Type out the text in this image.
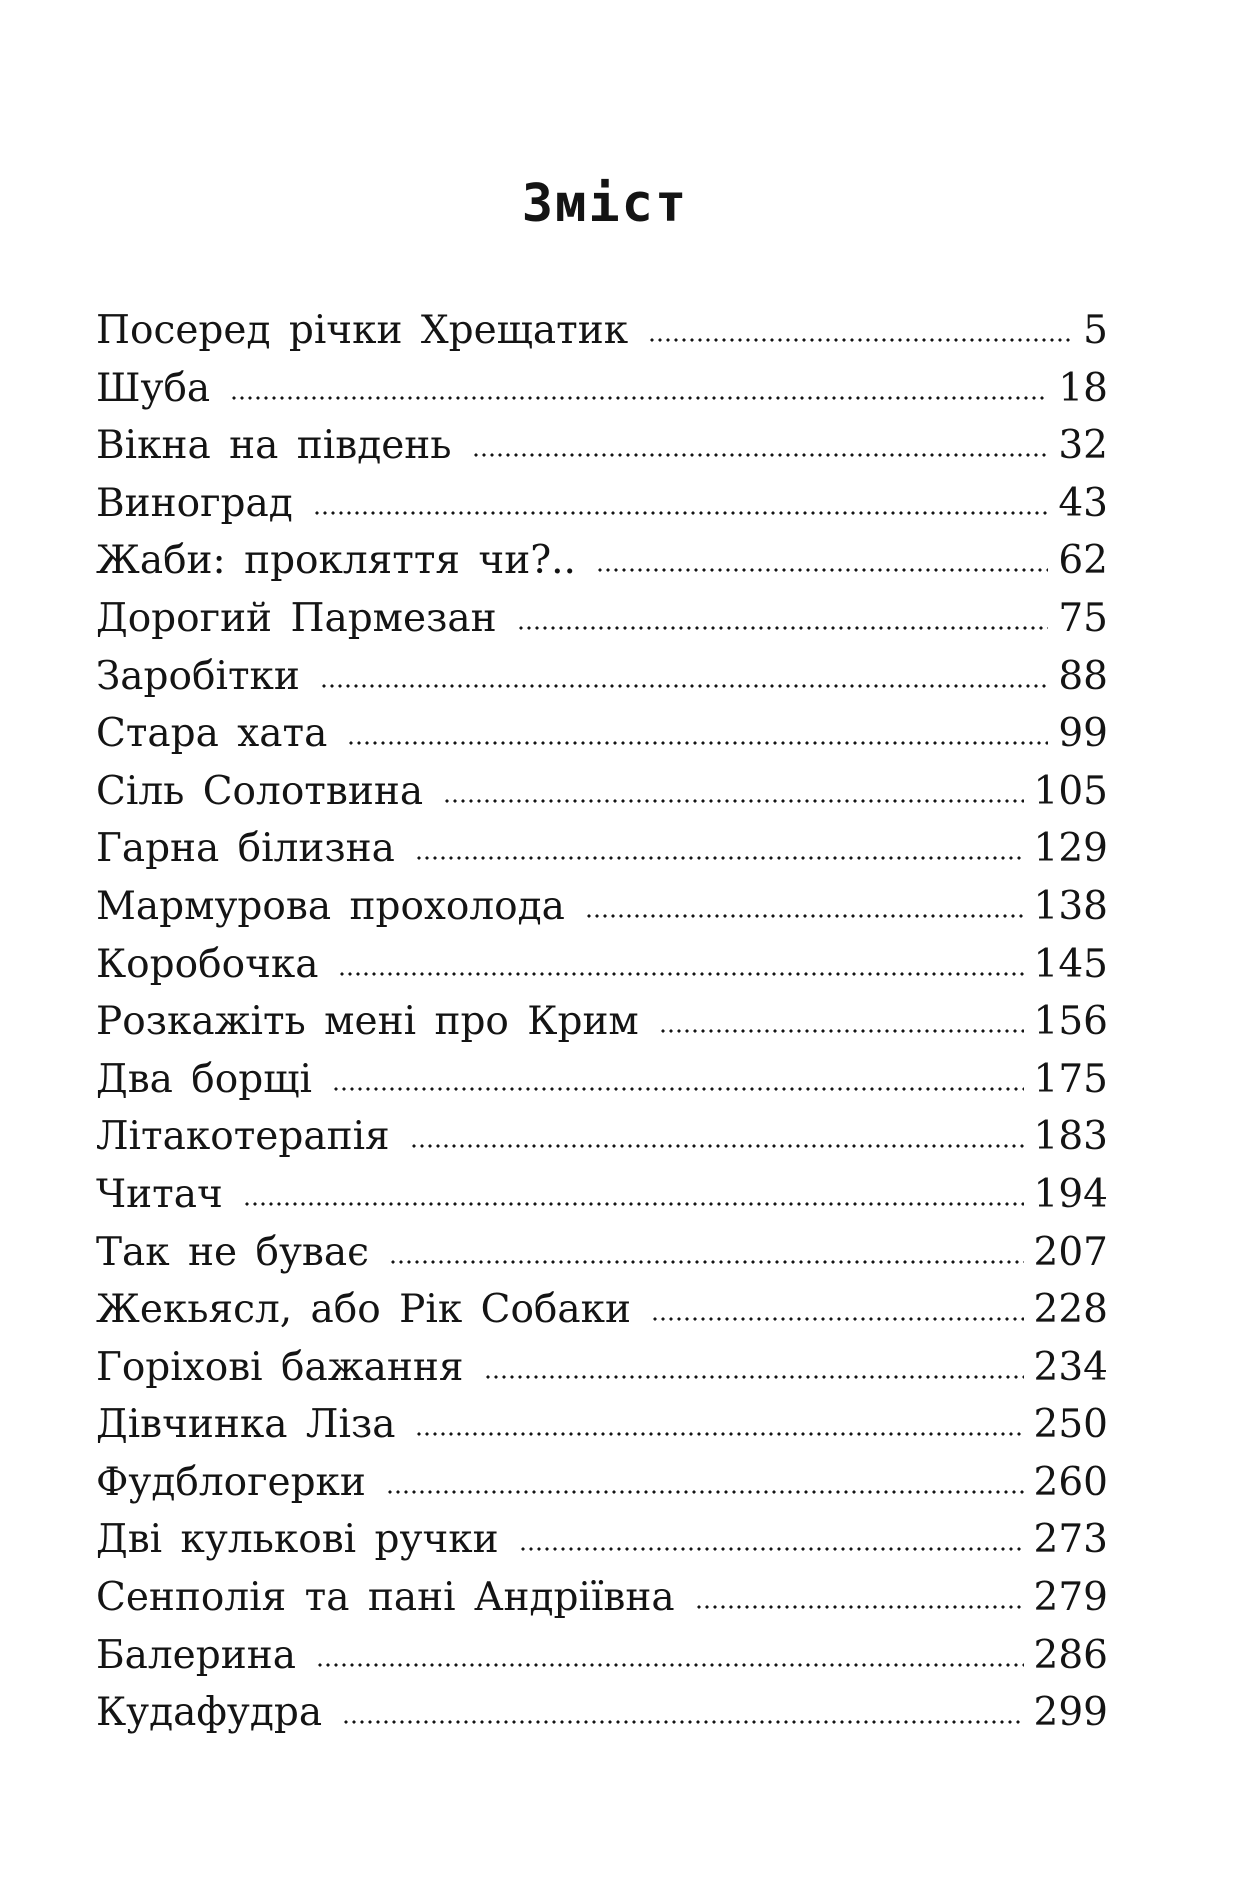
Зміст
Посеред річки Хрещатик	5
Шуба	18
Вікна на південь	32
Виноград	43
Жаби: прокляття чи?..	62
Дорогий Пармезан	75
Заробітки	88
Стара хата	99
Сіль Солотвина	105
Гарна білизна	129
Мармурова прохолода	138
Коробочка	145
Розкажіть мені про Крим	156
Два борщі	175
Літакотерапія	183
Читач	194
Так не буває	207
Жекьясл, або Рік Собаки	228
Горіхові бажання	234
Дівчинка Ліза	250
Фудблогерки	260
Дві кулькові ручки	273
Сенполія та пані Андріївна	279
Балерина	286
Кудафудра	299
